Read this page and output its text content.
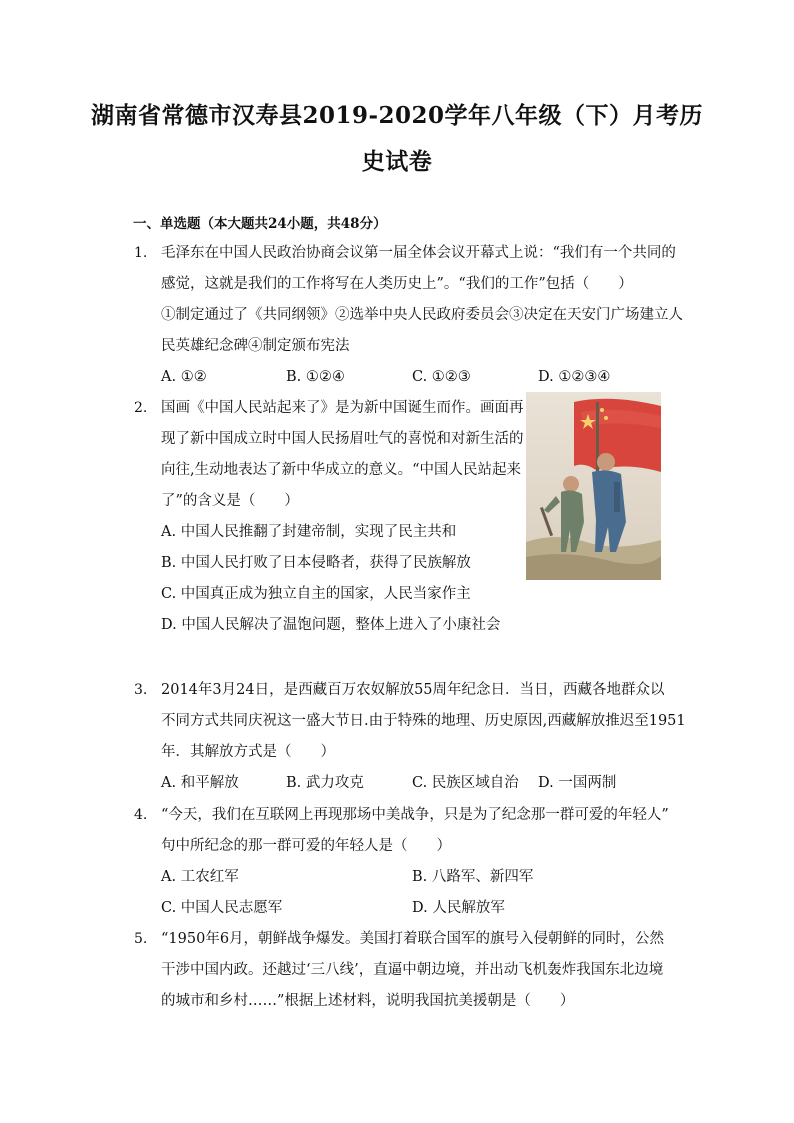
湖南省常德市汉寿县2019-2020学年八年级（下）月考历
史试卷
一、单选题（本大题共24小题，共48分）
1. 毛泽东在中国人民政治协商会议第一届全体会议开幕式上说：“我们有一个共同的
感觉，这就是我们的工作将写在人类历史上”。“我们的工作”包括（　　）
①制定通过了《共同纲领》②选举中央人民政府委员会③决定在天安门广场建立人
民英雄纪念碑④制定颁布宪法
A. ①②	B. ①②④	C. ①②③	D. ①②③④
2. 国画《中国人民站起来了》是为新中国诞生而作。画面再
现了新中国成立时中国人民扬眉吐气的喜悦和对新生活的
向往,生动地表达了新中华成立的意义。“中国人民站起来
了”的含义是（　　）
A. 中国人民推翻了封建帝制，实现了民主共和
B. 中国人民打败了日本侵略者，获得了民族解放
C. 中国真正成为独立自主的国家，人民当家作主
D. 中国人民解决了温饱问题，整体上进入了小康社会
3. 2014年3月24日，是西藏百万农奴解放55周年纪念日．当日，西藏各地群众以
不同方式共同庆祝这一盛大节日.由于特殊的地理、历史原因,西藏解放推迟至1951
年．其解放方式是（　　）
A. 和平解放	B. 武力攻克	C. 民族区域自治 D. 一国两制
4. “今天，我们在互联网上再现那场中美战争，只是为了纪念那一群可爱的年轻人”
句中所纪念的那一群可爱的年轻人是（　　）
A. 工农红军	B. 八路军、新四军
C. 中国人民志愿军	D. 人民解放军
5. “1950年6月，朝鲜战争爆发。美国打着联合国军的旗号入侵朝鲜的同时，公然
干涉中国内政。还越过‘三八线’，直逼中朝边境，并出动飞机轰炸我国东北边境
的城市和乡村……”根据上述材料，说明我国抗美援朝是（　　）
